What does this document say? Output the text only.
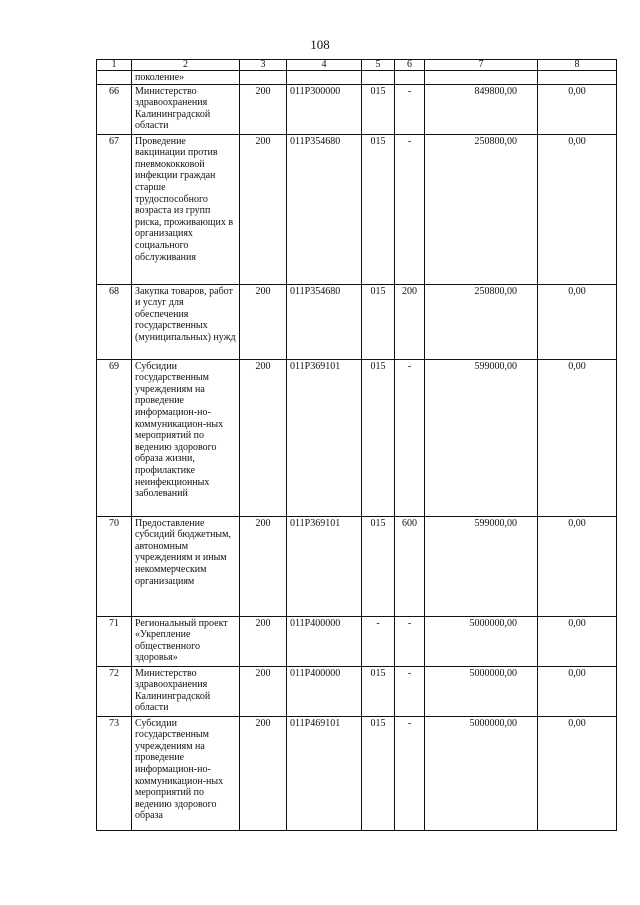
108
1	2	3	4	5	6	7	8
	поколение»						
66	Министерство здравоохранения Калининградской области	200	011P300000	015	-	849800,00	0,00
67	Проведение вакцинации против пневмококковой инфекции граждан старше трудоспособного возраста из групп риска, проживающих в организациях социального обслуживания	200	011P354680	015	-	250800,00	0,00
68	Закупка товаров, работ и услуг для обеспечения государственных (муниципальных) нужд	200	011P354680	015	200	250800,00	0,00
69	Субсидии государственным учреждениям на проведение информацион-но-коммуникацион-ных мероприятий по ведению здорового образа жизни, профилактике неинфекционных заболеваний	200	011P369101	015	-	599000,00	0,00
70	Предоставление субсидий бюджетным, автономным учреждениям и иным некоммерческим организациям	200	011P369101	015	600	599000,00	0,00
71	Региональный проект «Укрепление общественного здоровья»	200	011P400000	-	-	5000000,00	0,00
72	Министерство здравоохранения Калининградской области	200	011P400000	015	-	5000000,00	0,00
73	Субсидии государственным учреждениям на проведение информацион-но-коммуникацион-ных мероприятий по ведению здорового образа	200	011P469101	015	-	5000000,00	0,00
